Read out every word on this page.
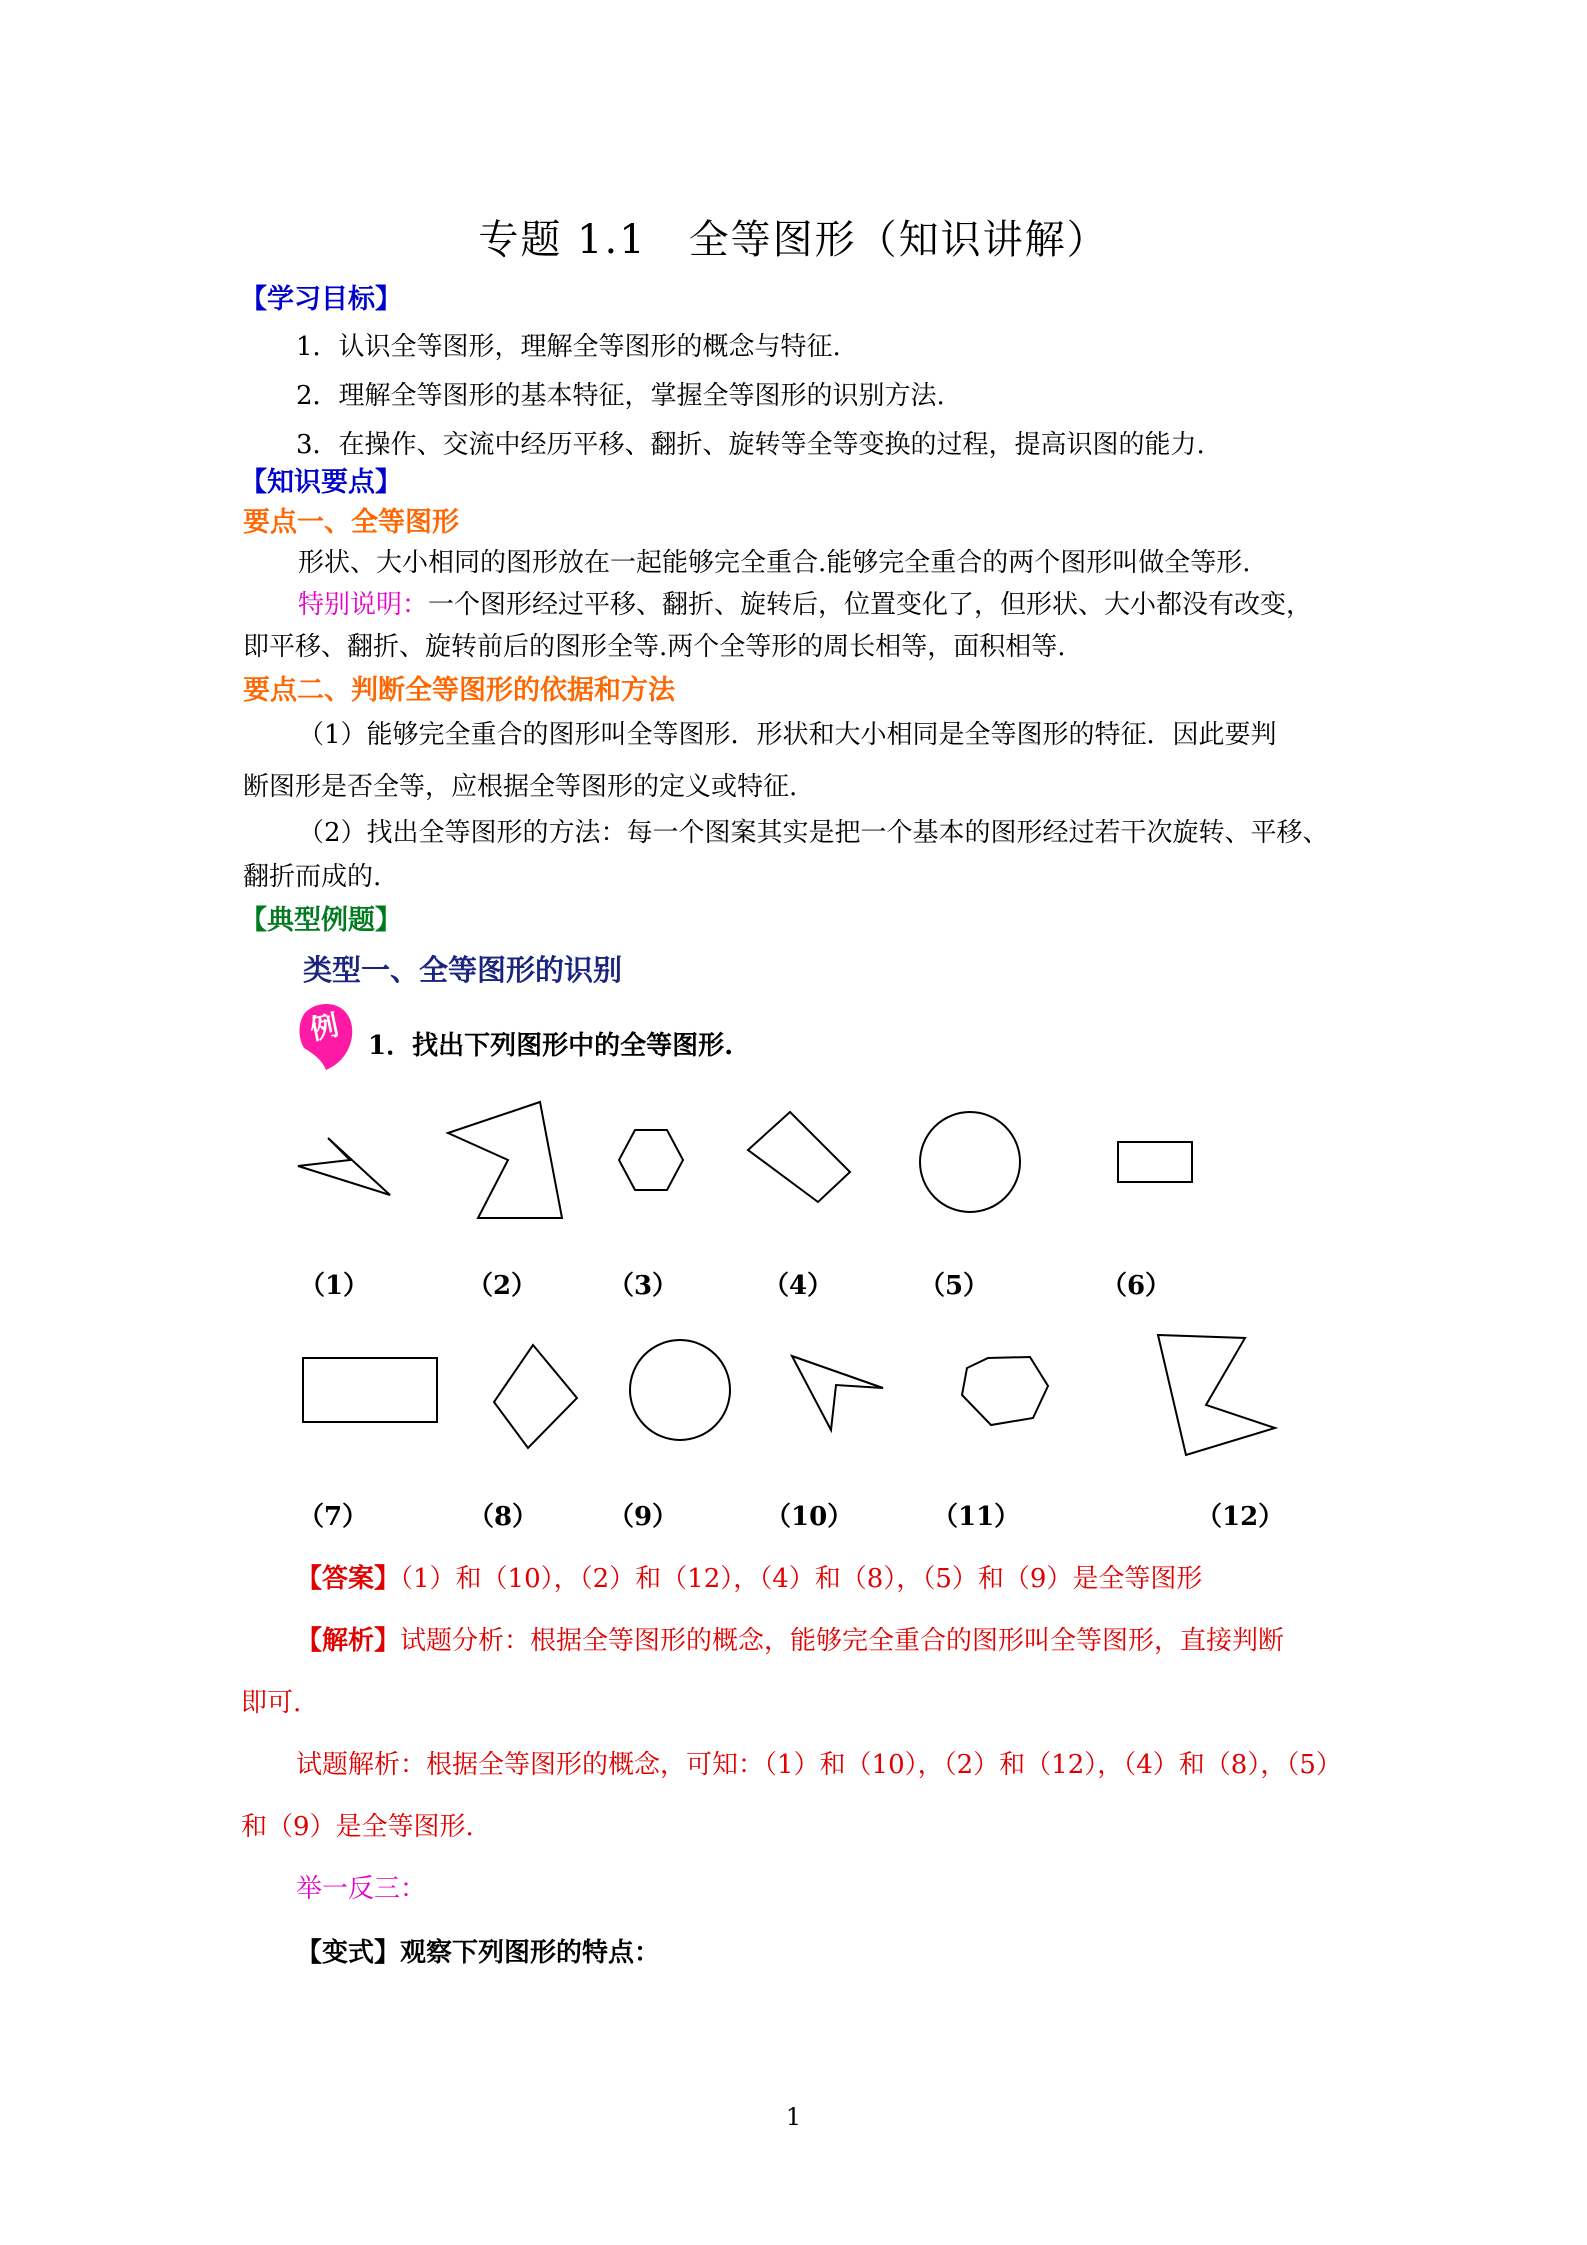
专题 1.1　全等图形（知识讲解）
【学习目标】
1．认识全等图形，理解全等图形的概念与特征.
2．理解全等图形的基本特征，掌握全等图形的识别方法.
3．在操作、交流中经历平移、翻折、旋转等全等变换的过程，提高识图的能力.
【知识要点】
要点一、全等图形
形状、大小相同的图形放在一起能够完全重合.能够完全重合的两个图形叫做全等形.
特别说明：一个图形经过平移、翻折、旋转后，位置变化了，但形状、大小都没有改变，
即平移、翻折、旋转前后的图形全等.两个全等形的周长相等，面积相等.
要点二、判断全等图形的依据和方法
（1）能够完全重合的图形叫全等图形．形状和大小相同是全等图形的特征．因此要判
断图形是否全等，应根据全等图形的定义或特征.
（2）找出全等图形的方法：每一个图案其实是把一个基本的图形经过若干次旋转、平移、
翻折而成的.
【典型例题】
类型一、全等图形的识别
例 1．找出下列图形中的全等图形.
（1）	（2）	（3）	（4）	（5）	（6）
（7）	（8）	（9）	（10）	（11）	（12）
【答案】（1）和（10），（2）和（12），（4）和（8），（5）和（9）是全等图形
【解析】试题分析：根据全等图形的概念，能够完全重合的图形叫全等图形，直接判断
即可.
试题解析：根据全等图形的概念，可知：（1）和（10），（2）和（12），（4）和（8），（5）
和（9）是全等图形.
举一反三：
【变式】观察下列图形的特点：
1
